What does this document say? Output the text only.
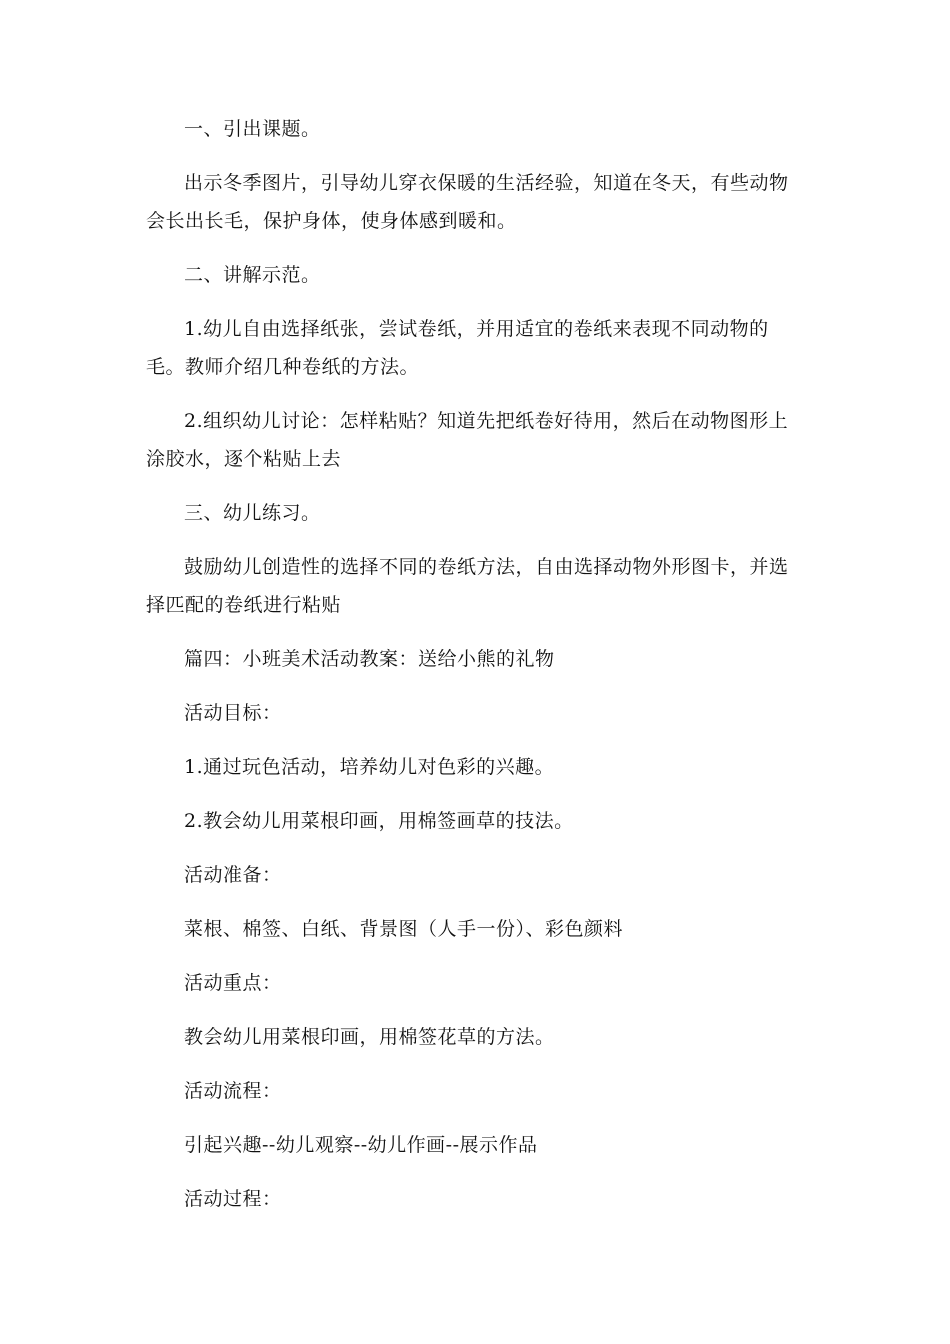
一、引出课题。

出示冬季图片，引导幼儿穿衣保暖的生活经验，知道在冬天，有些动物会长出长毛，保护身体，使身体感到暖和。

二、讲解示范。

1.幼儿自由选择纸张，尝试卷纸，并用适宜的卷纸来表现不同动物的毛。教师介绍几种卷纸的方法。

2.组织幼儿讨论：怎样粘贴？知道先把纸卷好待用，然后在动物图形上涂胶水，逐个粘贴上去

三、幼儿练习。

鼓励幼儿创造性的选择不同的卷纸方法，自由选择动物外形图卡，并选择匹配的卷纸进行粘贴

篇四：小班美术活动教案：送给小熊的礼物

活动目标：

1.通过玩色活动，培养幼儿对色彩的兴趣。

2.教会幼儿用菜根印画，用棉签画草的技法。

活动准备：

菜根、棉签、白纸、背景图（人手一份）、彩色颜料

活动重点：

教会幼儿用菜根印画，用棉签花草的方法。

活动流程：

引起兴趣--幼儿观察--幼儿作画--展示作品

活动过程：
